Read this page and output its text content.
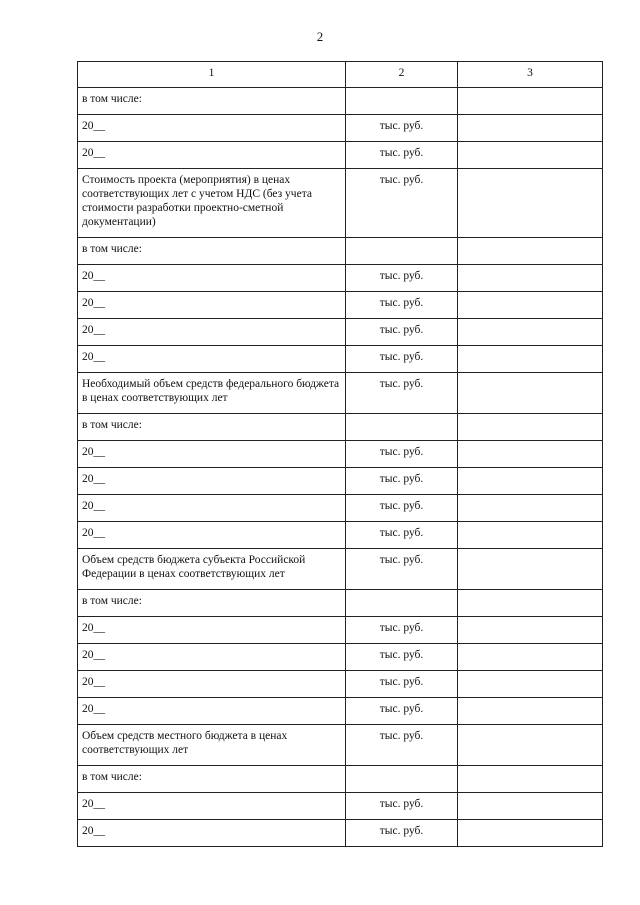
2
1	2	3
в том числе:		
20__	тыс. руб.	
20__	тыс. руб.	
Стоимость проекта (мероприятия) в ценах соответствующих лет с учетом НДС (без учета стоимости разработки проектно-сметной документации)	тыс. руб.	
в том числе:		
20__	тыс. руб.	
20__	тыс. руб.	
20__	тыс. руб.	
20__	тыс. руб.	
Необходимый объем средств федерального бюджета в ценах соответствующих лет	тыс. руб.	
в том числе:		
20__	тыс. руб.	
20__	тыс. руб.	
20__	тыс. руб.	
20__	тыс. руб.	
Объем средств бюджета субъекта Российской Федерации в ценах соответствующих лет	тыс. руб.	
в том числе:		
20__	тыс. руб.	
20__	тыс. руб.	
20__	тыс. руб.	
20__	тыс. руб.	
Объем средств местного бюджета в ценах соответствующих лет	тыс. руб.	
в том числе:		
20__	тыс. руб.	
20__	тыс. руб.	
